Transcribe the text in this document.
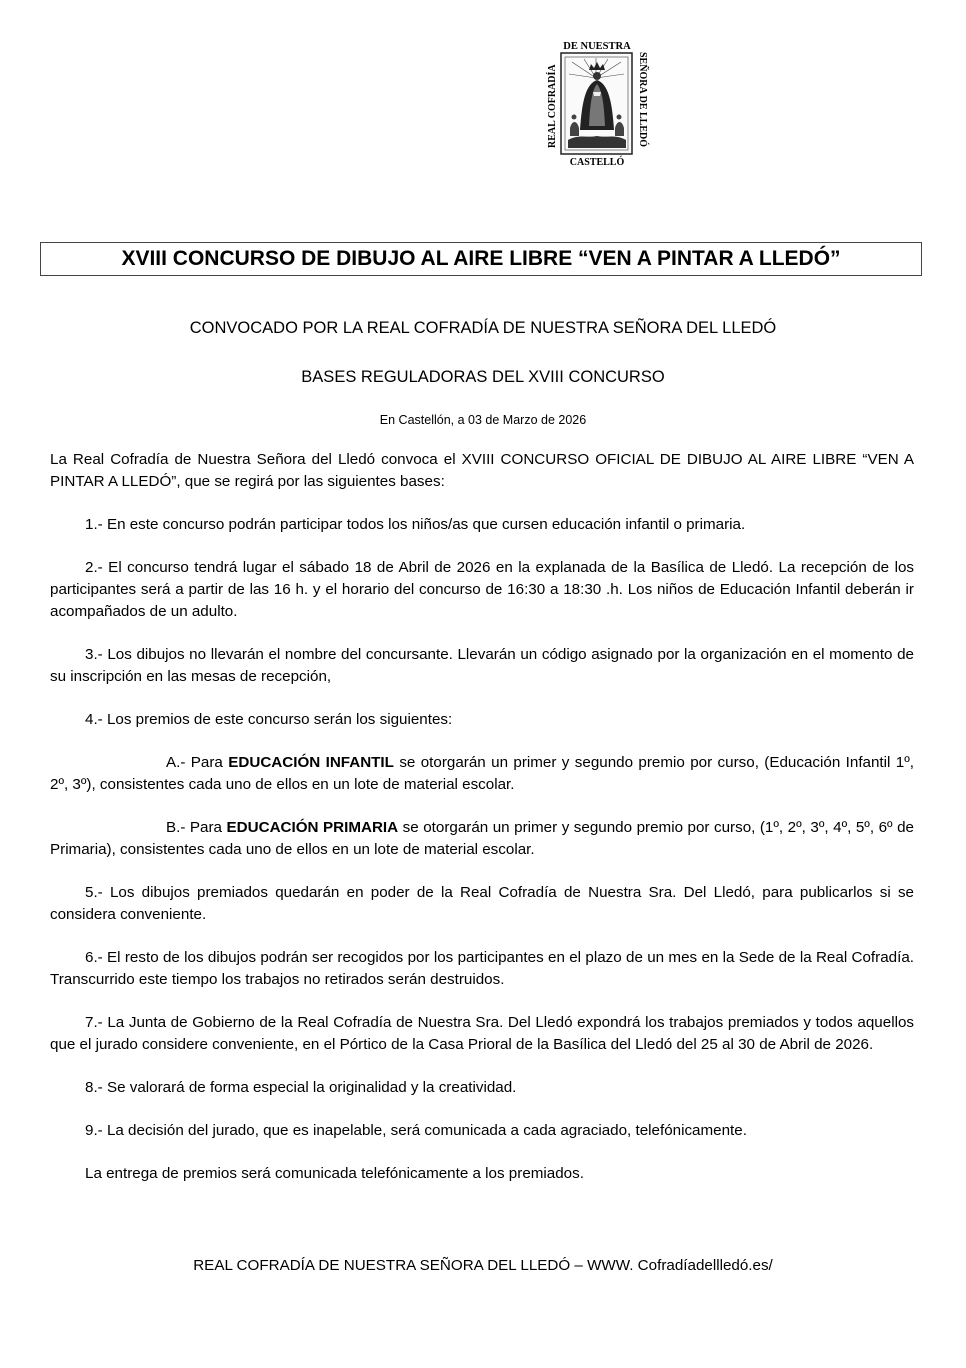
DE NUESTRA
REAL COFRADÍA	SEÑORA DE LLEDÓ
CASTELLÓ
XVIII CONCURSO DE DIBUJO AL AIRE LIBRE “VEN A PINTAR A LLEDÓ”
CONVOCADO POR LA REAL COFRADÍA DE NUESTRA SEÑORA DEL LLEDÓ
BASES REGULADORAS DEL XVIII CONCURSO
En Castellón, a 03 de Marzo de 2026

La Real Cofradía de Nuestra Señora del Lledó convoca el XVIII CONCURSO OFICIAL DE DIBUJO AL AIRE LIBRE “VEN A PINTAR A LLEDÓ”, que se regirá por las siguientes bases:

1.- En este concurso podrán participar todos los niños/as que cursen educación infantil o primaria.

2.- El concurso tendrá lugar el sábado 18 de Abril de 2026 en la explanada de la Basílica de Lledó. La recepción de los participantes será a partir de las 16 h. y el horario del concurso de 16:30 a 18:30 .h. Los niños de Educación Infantil deberán ir acompañados de un adulto.

3.- Los dibujos no llevarán el nombre del concursante. Llevarán un código asignado por la organización en el momento de su inscripción en las mesas de recepción,

4.- Los premios de este concurso serán los siguientes:

A.- Para EDUCACIÓN INFANTIL se otorgarán un primer y segundo premio por curso, (Educación Infantil 1º, 2º, 3º), consistentes cada uno de ellos en un lote de material escolar.

B.- Para EDUCACIÓN PRIMARIA se otorgarán un primer y segundo premio por curso, (1º, 2º, 3º, 4º, 5º, 6º de Primaria), consistentes cada uno de ellos en un lote de material escolar.

5.- Los dibujos premiados quedarán en poder de la Real Cofradía de Nuestra Sra. Del Lledó, para publicarlos si se considera conveniente.

6.- El resto de los dibujos podrán ser recogidos por los participantes en el plazo de un mes en la Sede de la Real Cofradía. Transcurrido este tiempo los trabajos no retirados serán destruidos.

7.- La Junta de Gobierno de la Real Cofradía de Nuestra Sra. Del Lledó expondrá los trabajos premiados y todos aquellos que el jurado considere conveniente, en el Pórtico de la Casa Prioral de la Basílica del Lledó del 25 al 30 de Abril de 2026.

8.- Se valorará de forma especial la originalidad y la creatividad.

9.- La decisión del jurado, que es inapelable, será comunicada a cada agraciado, telefónicamente.

La entrega de premios será comunicada telefónicamente a los premiados.

REAL COFRADÍA DE NUESTRA SEÑORA DEL LLEDÓ – WWW. Cofradíadellledó.es/
